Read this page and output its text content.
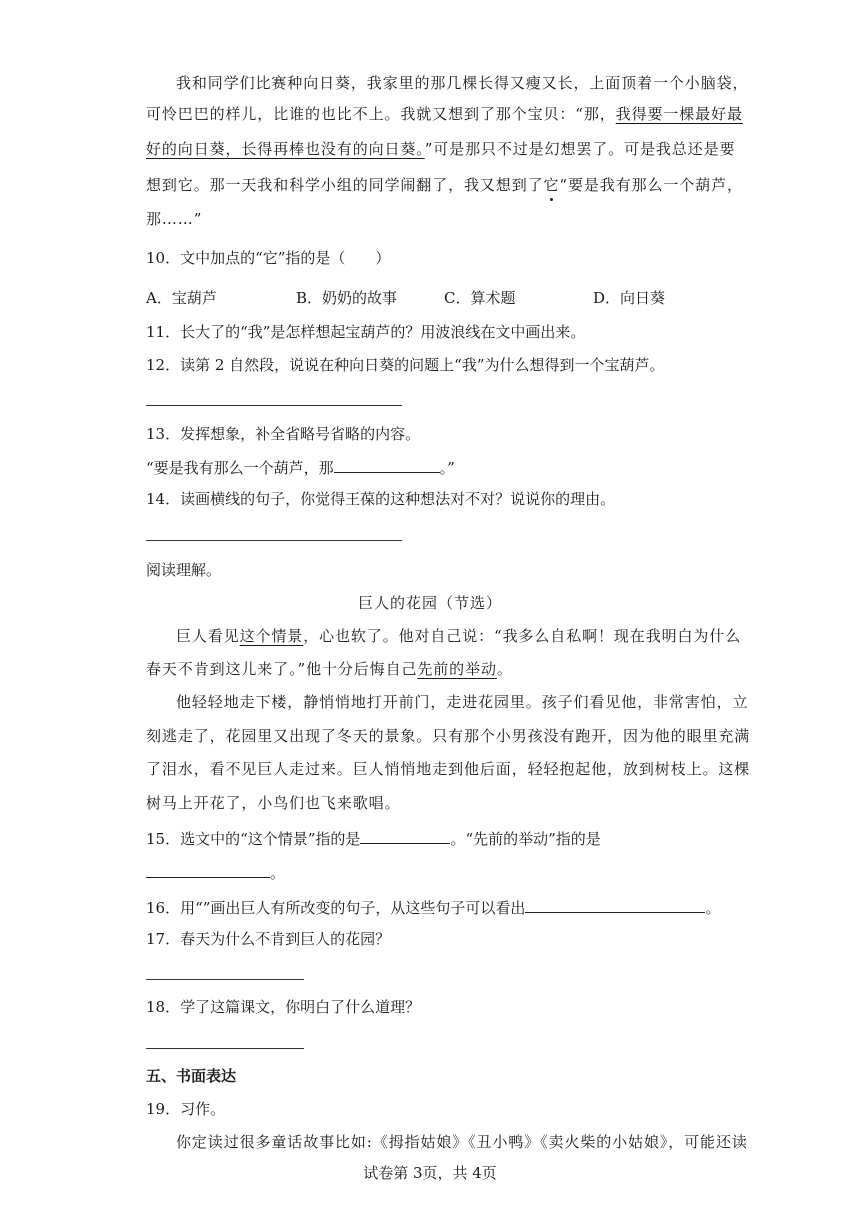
我和同学们比赛种向日葵，我家里的那几棵长得又瘦又长，上面顶着一个小脑袋，
可怜巴巴的样儿，比谁的也比不上。我就又想到了那个宝贝：“那，我得要一棵最好最
好的向日葵，长得再棒也没有的向日葵。”可是那只不过是幻想罢了。可是我总还是要
想到它。那一天我和科学小组的同学闹翻了，我又想到了它“要是我有那么一个葫芦，
那……”
10．文中加点的“它”指的是（　　）
A．宝葫芦	B．奶奶的故事	C．算术题	D．向日葵
11．长大了的“我”是怎样想起宝葫芦的？用波浪线在文中画出来。
12．读第 2 自然段，说说在种向日葵的问题上“我”为什么想得到一个宝葫芦。
13．发挥想象，补全省略号省略的内容。
“要是我有那么一个葫芦，那	。”
14．读画横线的句子，你觉得王葆的这种想法对不对？说说你的理由。
阅读理解。
巨人的花园（节选）
巨人看见这个情景，心也软了。他对自己说：“我多么自私啊！现在我明白为什么
春天不肯到这儿来了。”他十分后悔自己先前的举动。
他轻轻地走下楼，静悄悄地打开前门，走进花园里。孩子们看见他，非常害怕，立
刻逃走了，花园里又出现了冬天的景象。只有那个小男孩没有跑开，因为他的眼里充满
了泪水，看不见巨人走过来。巨人悄悄地走到他后面，轻轻抱起他，放到树枝上。这棵
树马上开花了，小鸟们也飞来歌唱。
15．选文中的“这个情景”指的是	。“先前的举动”指的是
。
16．用“”画出巨人有所改变的句子，从这些句子可以看出	。
17．春天为什么不肯到巨人的花园？
18．学了这篇课文，你明白了什么道理？
五、书面表达
19．习作。
你定读过很多童话故事比如:《拇指姑娘》《丑小鸭》《卖火柴的小姑娘》，可能还读
试卷第 3页，共 4页
